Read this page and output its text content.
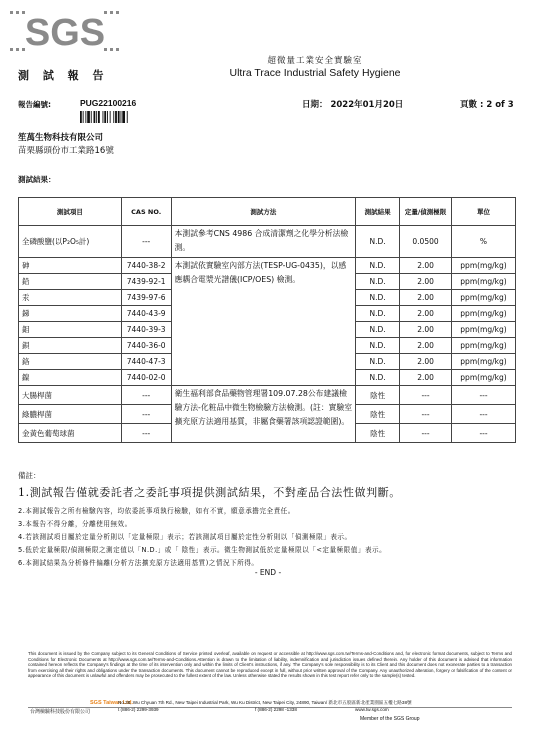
SGS
超微量工業安全實驗室
Ultra Trace Industrial Safety Hygiene
測 試 報 告
報告編號:	PUG22100216	日期： 2022年01月20日	頁數 : 2 of 3
笙萬生物科技有限公司
苗栗縣頭份市工業路16號
測試結果：
測試項目	CAS NO.	測試方法	測試結果	定量/偵測極限	單位
全磷酸鹽(以P₂O₅計)	---	本測試參考CNS 4986 合成清潔劑之化學分析法檢測。	N.D.	0.0500	%
砷	7440-38-2	本測試依實驗室內部方法(TESP-UG-0435)，以感應耦合電漿光譜儀(ICP/OES) 檢測。	N.D.	2.00	ppm(mg/kg)
鉛	7439-92-1		N.D.	2.00	ppm(mg/kg)
汞	7439-97-6		N.D.	2.00	ppm(mg/kg)
銻	7440-43-9		N.D.	2.00	ppm(mg/kg)
鉬	7440-39-3		N.D.	2.00	ppm(mg/kg)
鋇	7440-36-0		N.D.	2.00	ppm(mg/kg)
鉻	7440-47-3		N.D.	2.00	ppm(mg/kg)
鎳	7440-02-0		N.D.	2.00	ppm(mg/kg)
大腸桿菌	---	衛生福利部食品藥物管理署109.07.28公布建議檢驗方法-化粧品中微生物檢驗方法檢測。(註：實驗室擴充原方法適用基質，非屬食藥署該項認證範圍)。	陰性	---	---
綠膿桿菌	---		陰性	---	---
金黃色葡萄球菌	---		陰性	---	---
備註：
1.測試報告僅就委託者之委託事項提供測試結果，不對產品合法性做判斷。
2.本測試報告之所有檢驗內容，均依委託事項執行檢驗，如有不實，願意承擔完全責任。
3.本報告不得分離，分離使用無效。
4.若該測試項目屬於定量分析則以「定量極限」表示；若該測試項目屬於定性分析則以「偵測極限」表示。
5.低於定量極限/偵測極限之測定值以「N.D.」或「 陰性」表示。微生物測試低於定量極限以「<定量極限值」表示。
6.本測試結果為分析條件偏離(分析方法擴充原方法適用基質)之情況下所得。
- END -
This document is issued by the Company subject to its General Conditions of Service printed overleaf, available on request or accessible at http://www.sgs.com.tw/Terms-and-Conditions and, for electronic format documents, subject to Terms and Conditions for Electronic Documents at http://www.sgs.com.tw/Terms-and-Conditions.Attention is drawn to the limitation of liability, indemnification and jurisdiction issues defined therein. Any holder of this document is advised that information contained hereon reflects the Company's findings at the time of its intervention only and within the limits of Client's instructions, if any. The Company's sole responsibility is to its Client and this document does not exonerate parties to a transaction from exercising all their rights and obligations under the transaction documents. This document cannot be reproduced except in full, without prior written approval of the Company. Any unauthorized alteration, forgery or falsification of the content or appearance of this document is unlawful and offenders may be prosecuted to the fullest extent of the law. Unless otherwise stated the results shown in this test report refer only to the sample(s) tested.
SGS Taiwan Ltd.
台灣檢驗科技股份有限公司
No.38, Wu Chyuan 7th Rd., New Taipei Industrial Park, Wu Ku District, New Taipei City, 24890, Taiwan/ 新北市五股區新北產業園區五權七路38號
t (886-2) 2299-3939	f (886-2) 2298 -1338	www.tw.sgs.com
Member of the SGS Group
